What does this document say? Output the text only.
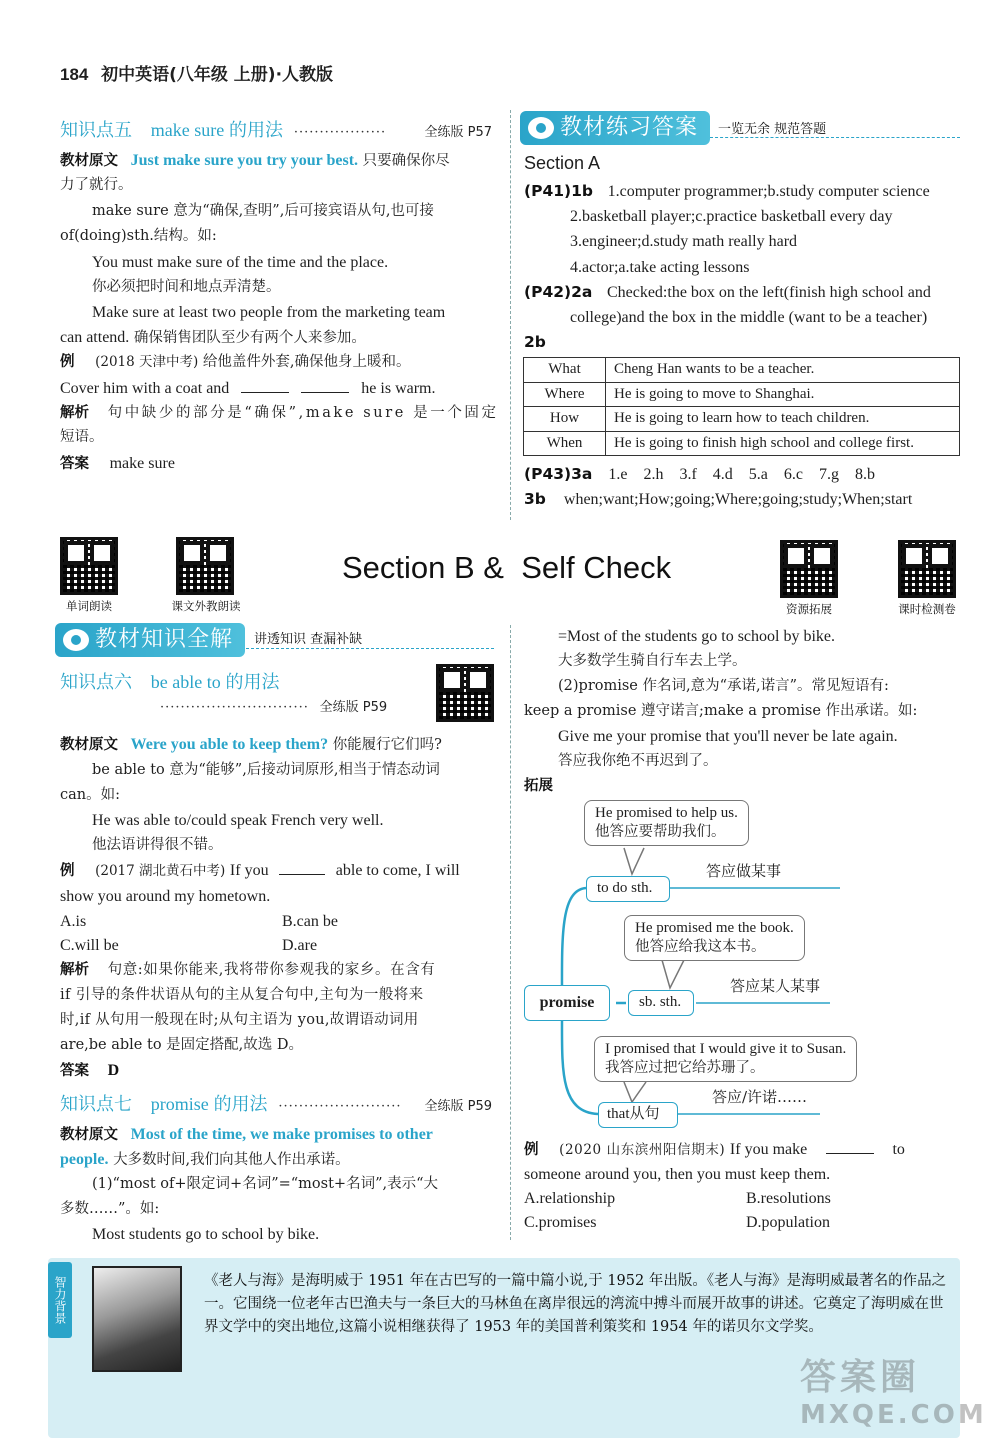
184 初中英语(八年级 上册)·人教版
知识点五 make sure 的用法 ··················	全练版 P57
教材原文 Just make sure you try your best. 只要确保你尽
力了就行。
make sure 意为“确保,查明”,后可接宾语从句,也可接
of(doing)sth.结构。如:
You must make sure of the time and the place.
你必须把时间和地点弄清楚。
Make sure at least two people from the marketing team
can attend. 确保销售团队至少有两个人来参加。
例 (2018 天津中考) 给他盖件外套,确保他身上暖和。
Cover him with a coat and	he is warm.
解析 句中缺少的部分是“确保”,make sure 是一个固定
短语。
答案 make sure
教材练习答案	一览无余 规范答题
Section A
(P41)1b 1.computer programmer;b.study computer science
2.basketball player;c.practice basketball every day
3.engineer;d.study math really hard
4.actor;a.take acting lessons
(P42)2a Checked:the box on the left(finish high school and
college)and the box in the middle (want to be a teacher)
2b
What	Cheng Han wants to be a teacher.
Where	He is going to move to Shanghai.
How	He is going to learn how to teach children.
When	He is going to finish high school and college first.
(P43)3a 1.e 2.h 3.f 4.d 5.a 6.c 7.g 8.b
3b when;want;How;going;Where;going;study;When;start
单词朗读	课文外教朗读
Section B &  Self Check
资源拓展	课时检测卷
教材知识全解	讲透知识 查漏补缺
知识点六 be able to 的用法
····························· 全练版 P59
教材原文 Were you able to keep them? 你能履行它们吗?
be able to 意为“能够”,后接动词原形,相当于情态动词
can。如:
He was able to/could speak French very well.
他法语讲得很不错。
例 (2017 湖北黄石中考) If you	able to come, I will
show you around my hometown.
A.is	B.can be
C.will be	D.are
解析 句意:如果你能来,我将带你参观我的家乡。在含有
if 引导的条件状语从句的主从复合句中,主句为一般将来
时,if 从句用一般现在时;从句主语为 you,故谓语动词用
are,be able to 是固定搭配,故选 D。
答案 D
知识点七 promise 的用法 ························ 全练版 P59
教材原文 Most of the time, we make promises to other
people. 大多数时间,我们向其他人作出承诺。
(1)“most of+限定词+名词”=“most+名词”,表示“大
多数……”。如:
Most students go to school by bike.
=Most of the students go to school by bike.
大多数学生骑自行车去上学。
(2)promise 作名词,意为“承诺,诺言”。常见短语有:
keep a promise 遵守诺言;make a promise 作出承诺。如:
Give me your promise that you'll never be late again.
答应我你绝不再迟到了。
拓展
promise
He promised to help us.
他答应要帮助我们。
to do sth.
答应做某事
He promised me the book.
他答应给我这本书。
sb. sth.
答应某人某事
I promised that I would give it to Susan.
我答应过把它给苏珊了。
that从句
答应/许诺……
例 (2020 山东滨州阳信期末) If you make	to
someone around you, then you must keep them.
A.relationship	B.resolutions
C.promises	D.population
智力背景	《老人与海》是海明威于 1951 年在古巴写的一篇中篇小说,于 1952 年出版。《老人与海》是海明威最著名的作品之一。它围绕一位老年古巴渔夫与一条巨大的马林鱼在离岸很远的湾流中搏斗而展开故事的讲述。它奠定了海明威在世界文学中的突出地位,这篇小说相继获得了 1953 年的美国普利策奖和 1954 年的诺贝尔文学奖。
答案圈
MXQE.COM
